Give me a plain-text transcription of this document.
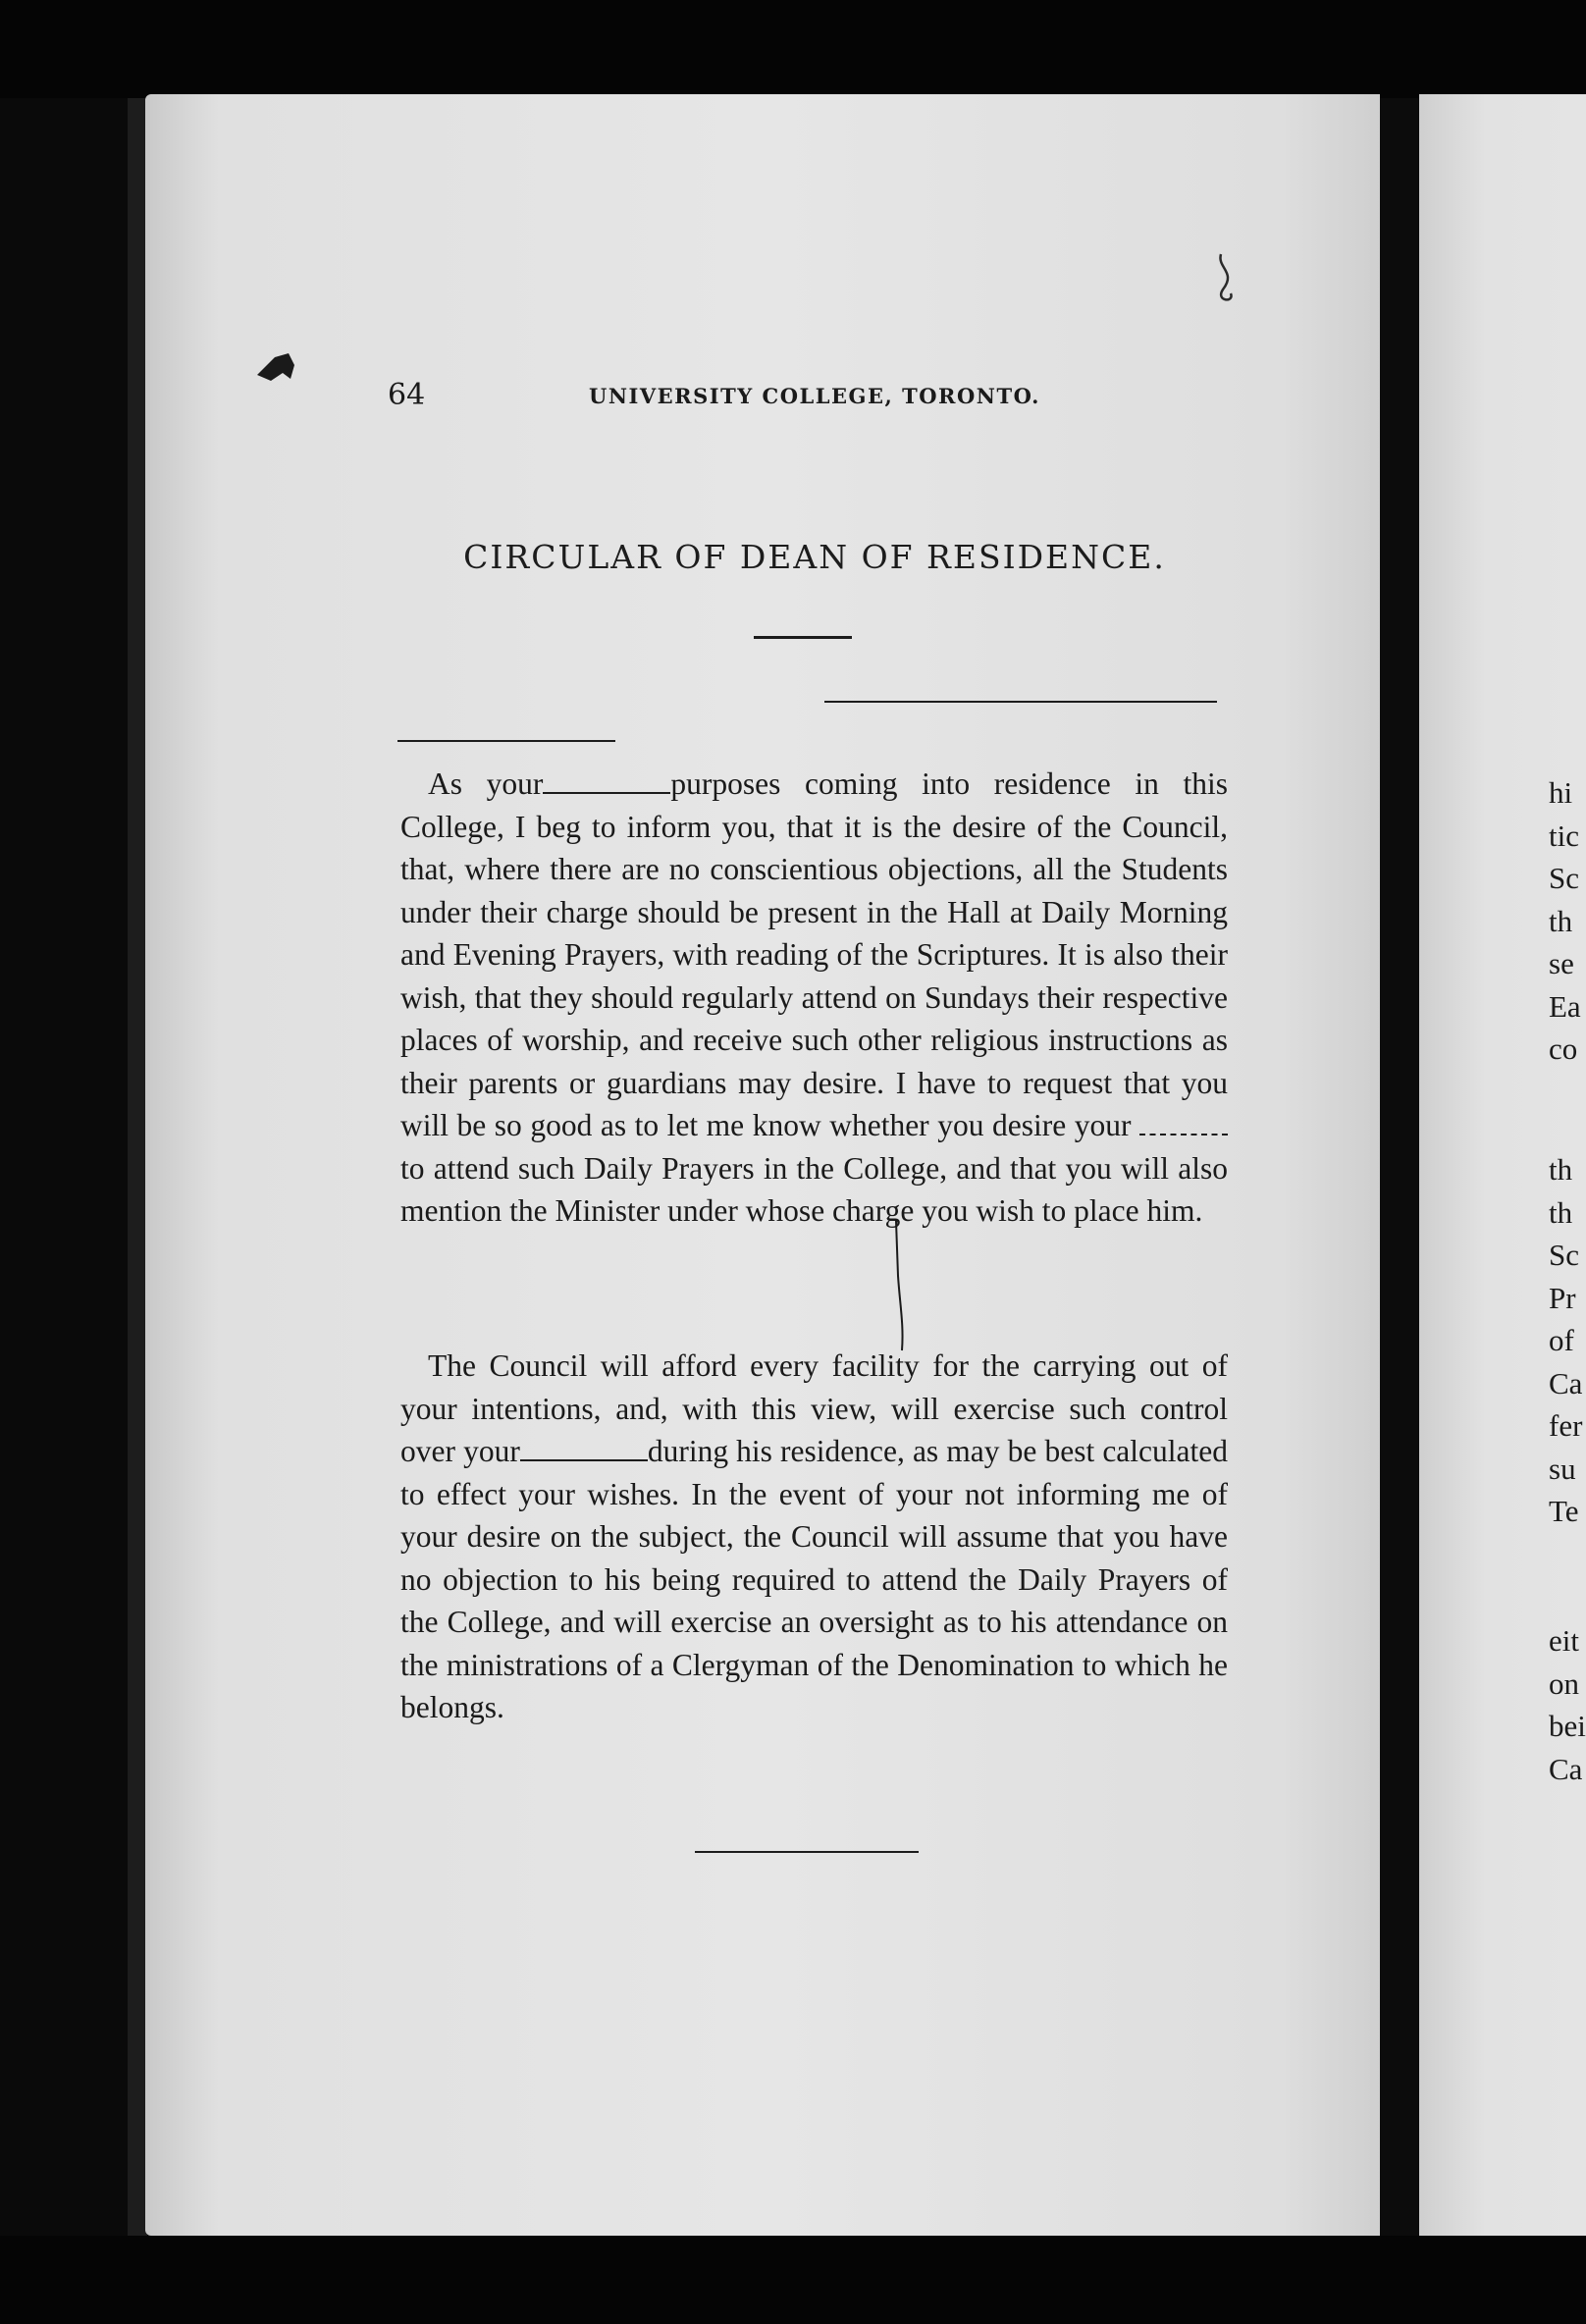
64	UNIVERSITY COLLEGE, TORONTO.
CIRCULAR OF DEAN OF RESIDENCE.
As your	purposes coming into residence in this College, I beg to inform you, that it is the desire of the Council, that, where there are no conscientious objections, all the Students under their charge should be present in the Hall at Daily Morning and Evening Prayers, with reading of the Scriptures. It is also their wish, that they should regularly attend on Sundays their respective places of worship, and receive such other religious instructions as their parents or guardians may desire. I have to request that you will be so good as to let me know whether you desire your  to attend such Daily Prayers in the College, and that you will also mention the Minister under whose charge you wish to place him.
The Council will afford every facility for the carrying out of your intentions, and, with this view, will exercise such control over your	during his residence, as may be best calculated to effect your wishes. In the event of your not informing me of your desire on the subject, the Council will assume that you have no objection to his being required to attend the Daily Prayers of the College, and will exercise an oversight as to his attendance on the ministrations of a Clergyman of the Denomination to which he belongs.
hi
tic
Sc
th
se
Ea
co
th
th
Sc
Pr
of
Ca
fer
su
Te
eit
on
bei
Ca
